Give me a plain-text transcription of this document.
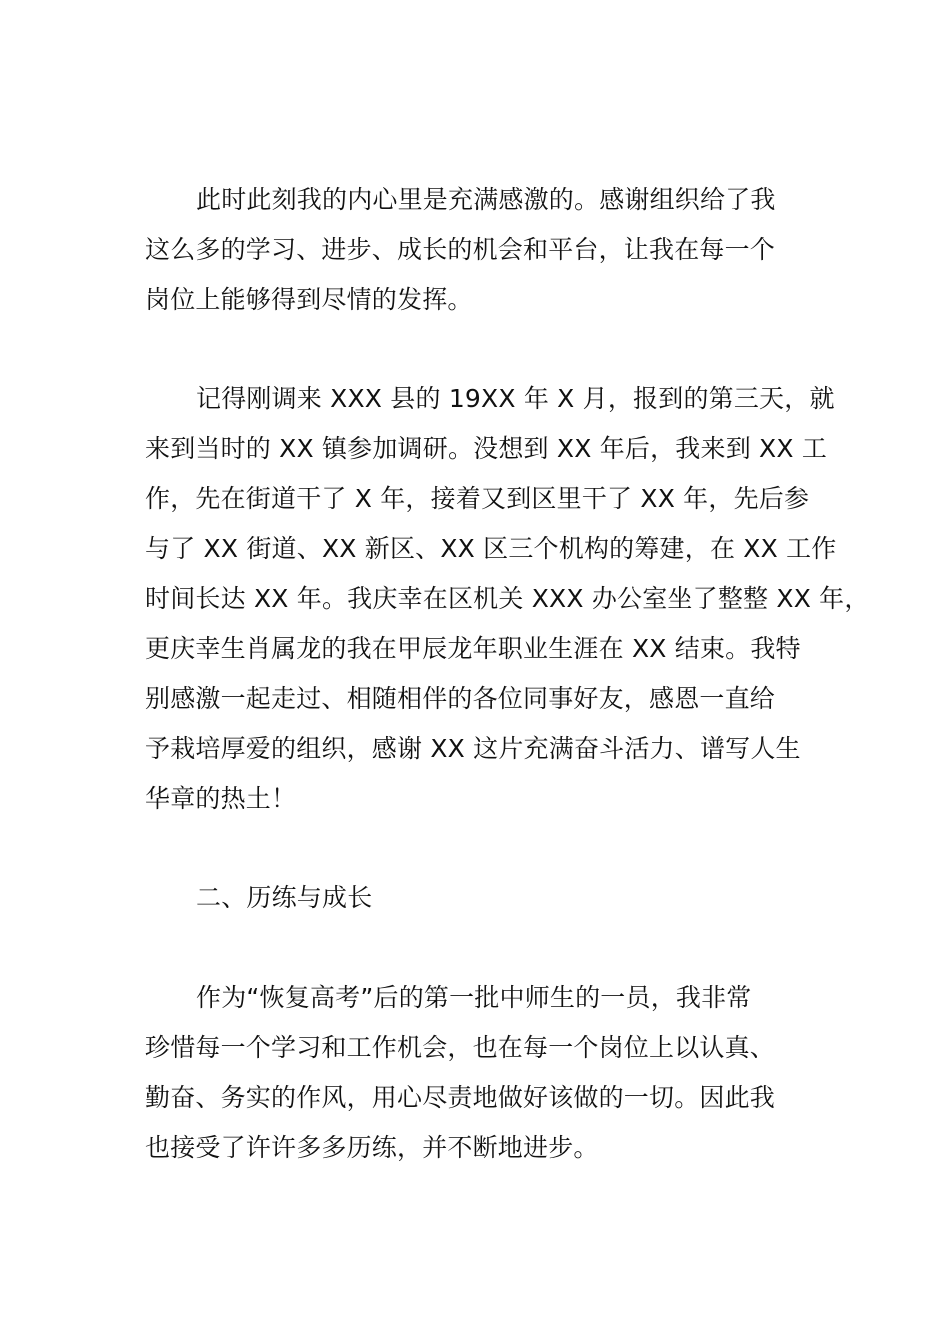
此时此刻我的内心里是充满感激的。感谢组织给了我
这么多的学习、进步、成长的机会和平台，让我在每一个
岗位上能够得到尽情的发挥。
记得刚调来 XXX 县的 19XX 年 X 月，报到的第三天，就
来到当时的 XX 镇参加调研。没想到 XX 年后，我来到 XX 工
作，先在街道干了 X 年，接着又到区里干了 XX 年，先后参
与了 XX 街道、XX 新区、XX 区三个机构的筹建，在 XX 工作
时间长达 XX 年。我庆幸在区机关 XXX 办公室坐了整整 XX 年，
更庆幸生肖属龙的我在甲辰龙年职业生涯在 XX 结束。我特
别感激一起走过、相随相伴的各位同事好友，感恩一直给
予栽培厚爱的组织，感谢 XX 这片充满奋斗活力、谱写人生
华章的热土！
二、历练与成长
作为“恢复高考”后的第一批中师生的一员，我非常
珍惜每一个学习和工作机会，也在每一个岗位上以认真、
勤奋、务实的作风，用心尽责地做好该做的一切。因此我
也接受了许许多多历练，并不断地进步。
